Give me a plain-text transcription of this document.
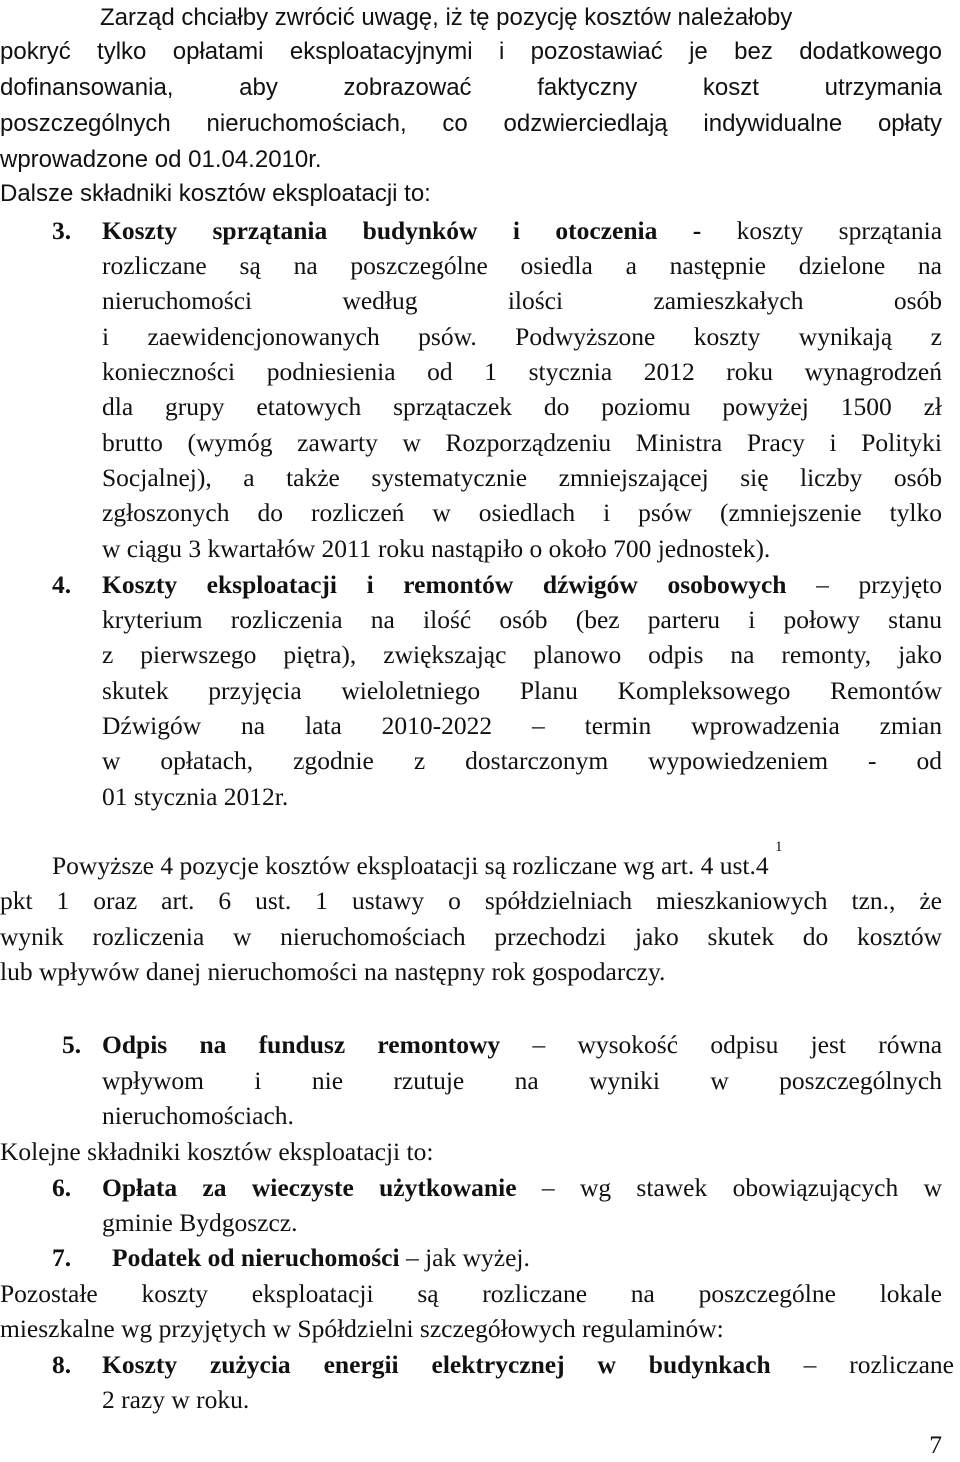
Zarząd chciałby zwrócić uwagę, iż tę pozycję kosztów należałoby
pokryć tylko opłatami eksploatacyjnymi i pozostawiać je bez dodatkowego
dofinansowania, aby zobrazować faktyczny koszt utrzymania
poszczególnych nieruchomościach, co odzwierciedlają indywidualne opłaty
wprowadzone od 01.04.2010r.
Dalsze składniki kosztów eksploatacji to:
3. Koszty sprzątania budynków i otoczenia - koszty sprzątania
rozliczane są na poszczególne osiedla a następnie dzielone na
nieruchomości według ilości zamieszkałych osób
i zaewidencjonowanych psów. Podwyższone koszty wynikają z
konieczności podniesienia od 1 stycznia 2012 roku wynagrodzeń
dla grupy etatowych sprzątaczek do poziomu powyżej 1500 zł
brutto (wymóg zawarty w Rozporządzeniu Ministra Pracy i Polityki
Socjalnej), a także systematycznie zmniejszającej się liczby osób
zgłoszonych do rozliczeń w osiedlach i psów (zmniejszenie tylko
w ciągu 3 kwartałów 2011 roku nastąpiło o około 700 jednostek).
4. Koszty eksploatacji i remontów dźwigów osobowych – przyjęto
kryterium rozliczenia na ilość osób (bez parteru i połowy stanu
z pierwszego piętra), zwiększając planowo odpis na remonty, jako
skutek przyjęcia wieloletniego Planu Kompleksowego Remontów
Dźwigów na lata 2010-2022 – termin wprowadzenia zmian
w opłatach, zgodnie z dostarczonym wypowiedzeniem - od
01 stycznia 2012r.
Powyższe 4 pozycje kosztów eksploatacji są rozliczane wg art. 4 ust.4 $^1$
pkt 1 oraz art. 6 ust. 1 ustawy o spółdzielniach mieszkaniowych tzn., że
wynik rozliczenia w nieruchomościach przechodzi jako skutek do kosztów
lub wpływów danej nieruchomości na następny rok gospodarczy.
5. Odpis na fundusz remontowy – wysokość odpisu jest równa
wpływom i nie rzutuje na wyniki w poszczególnych
nieruchomościach.
Kolejne składniki kosztów eksploatacji to:
6. Opłata za wieczyste użytkowanie – wg stawek obowiązujących w
gminie Bydgoszcz.
7. Podatek od nieruchomości – jak wyżej.
Pozostałe koszty eksploatacji są rozliczane na poszczególne lokale
mieszkalne wg przyjętych w Spółdzielni szczegółowych regulaminów:
8. Koszty zużycia energii elektrycznej w budynkach – rozliczane
2 razy w roku.
7
